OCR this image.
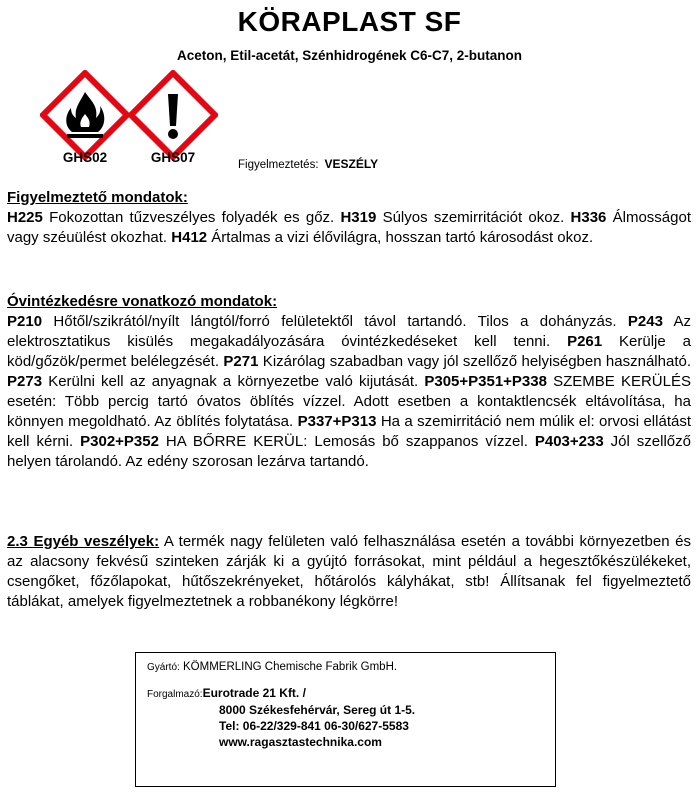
KÖRAPLAST SF
Aceton, Etil-acetát, Szénhidrogének C6-C7, 2-butanon
GHS02	GHS07	Figyelmeztetés: VESZÉLY
Figyelmeztető mondatok:

H225 Fokozottan tűzveszélyes folyadék es gőz. H319 Súlyos szemirritációt okoz. H336 Álmosságot vagy széuülést okozhat. H412 Ártalmas a vizi élővilágra, hosszan tartó károsodást okoz.

Óvintézkedésre vonatkozó mondatok:

P210 Hőtől/szikrától/nyílt lángtól/forró felületektől távol tartandó. Tilos a dohányzás. P243 Az elektrosztatikus kisülés megakadályozására óvintézkedéseket kell tenni. P261 Kerülje a köd/gőzök/permet belélegzését. P271 Kizárólag szabadban vagy jól szellőző helyiségben használható. P273 Kerülni kell az anyagnak a környezetbe való kijutását. P305+P351+P338 SZEMBE KERÜLÉS esetén: Több percig tartó óvatos öblítés vízzel. Adott esetben a kontaktlencsék eltávolítása, ha könnyen megoldható. Az öblítés folytatása. P337+P313 Ha a szemirritáció nem múlik el: orvosi ellátást kell kérni. P302+P352 HA BŐRRE KERÜL: Lemosás bő szappanos vízzel. P403+233 Jól szellőző helyen tárolandó. Az edény szorosan lezárva tartandó.

2.3 Egyéb veszélyek: A termék nagy felületen való felhasználása esetén a további környezetben és az alacsony fekvésű szinteken zárják ki a gyújtó forrásokat, mint például a hegesztőkészülékeket, csengőket, főzőlapokat, hűtőszekrényeket, hőtárolós kályhákat, stb! Állítsanak fel figyelmeztető táblákat, amelyek figyelmeztetnek a robbanékony légkörre!

Gyártó: KÖMMERLING Chemische Fabrik GmbH.
Forgalmazó:Eurotrade 21 Kft. /
8000 Székesfehérvár, Sereg út 1-5.
Tel: 06-22/329-841 06-30/627-5583
www.ragasztastechnika.com
